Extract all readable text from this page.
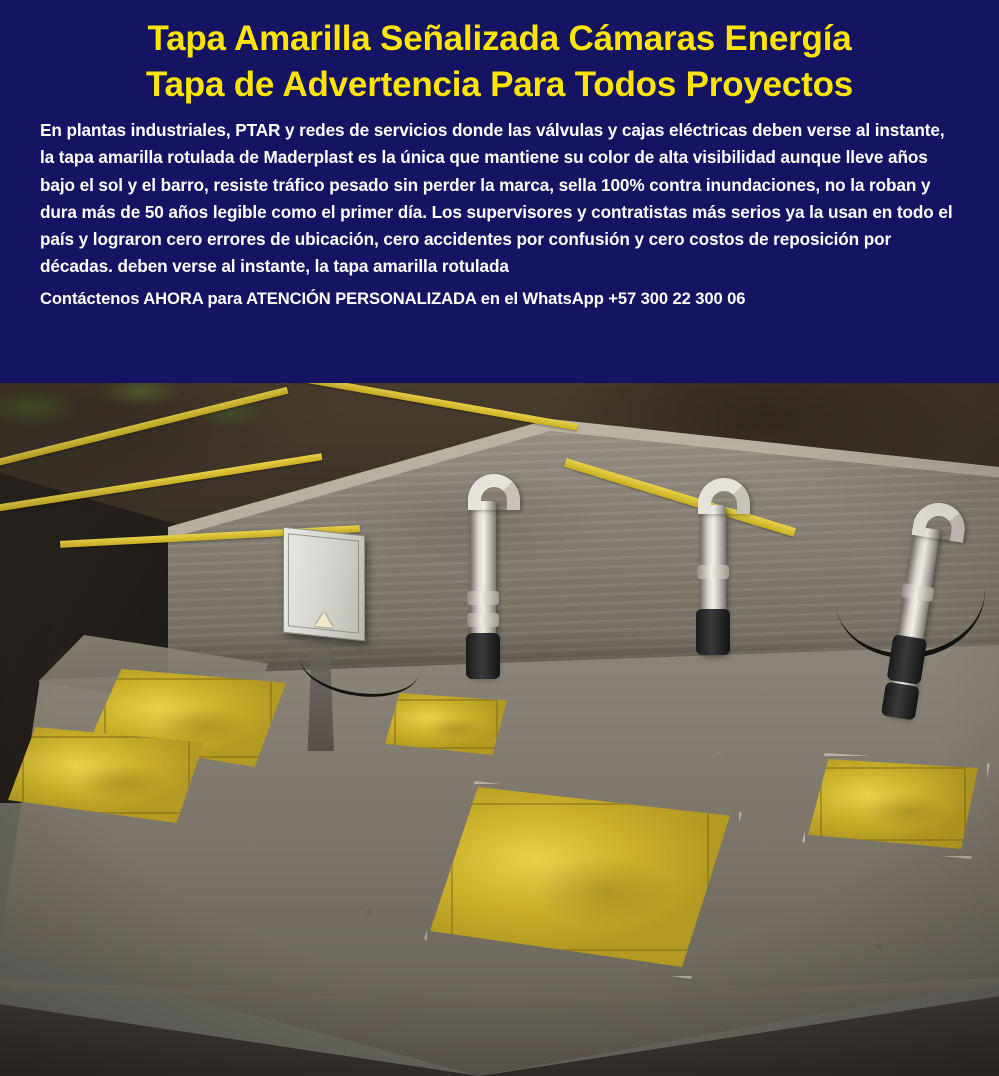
Tapa Amarilla Señalizada Cámaras Energía
Tapa de Advertencia Para Todos Proyectos
En plantas industriales, PTAR y redes de servicios donde las válvulas y cajas eléctricas deben verse al instante, la tapa amarilla rotulada de Maderplast es la única que mantiene su color de alta visibilidad aunque lleve años bajo el sol y el barro, resiste tráfico pesado sin perder la marca, sella 100% contra inundaciones, no la roban y dura más de 50 años legible como el primer día. Los supervisores y contratistas más serios ya la usan en todo el país y lograron cero errores de ubicación, cero accidentes por confusión y cero costos de reposición por décadas. deben verse al instante, la tapa amarilla rotulada
Contáctenos AHORA para ATENCIÓN PERSONALIZADA en el WhatsApp +57 300 22 300 06
